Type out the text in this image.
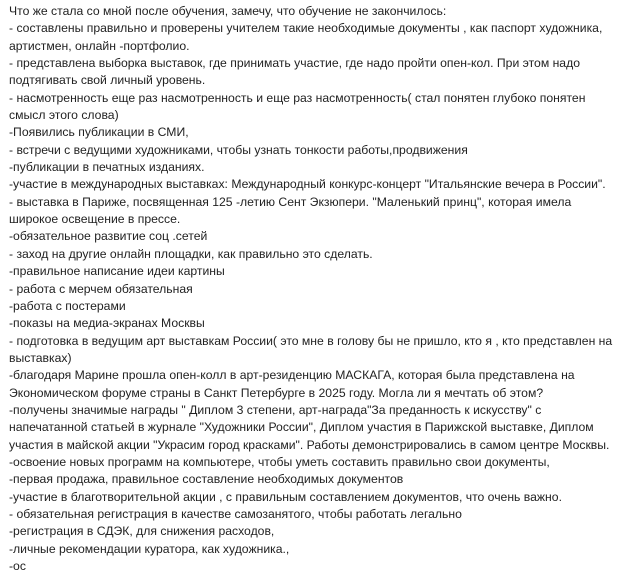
Что же стала со мной после обучения, замечу, что обучение не закончилось:
- составлены правильно и проверены учителем такие необходимые документы , как паспорт художника, артистмен, онлайн -портфолио.
- представлена выборка выставок, где принимать участие, где надо пройти опен-кол. При этом надо подтягивать свой личный уровень.
- насмотренность еще раз насмотренность и еще раз насмотренность( стал понятен глубоко понятен смысл этого слова)
-Появились публикации в СМИ,
- встречи с ведущими художниками, чтобы узнать тонкости работы,продвижения
-публикации в печатных изданиях.
-участие в международных выставках: Международный конкурс-концерт "Итальянские вечера в России".
- выставка в Париже, посвященная 125 -летию Сент Экзюпери. "Маленький принц", которая имела широкое освещение в прессе.
-обязательное развитие соц .сетей
- заход на другие онлайн площадки, как правильно это сделать.
-правильное написание идеи картины
- работа с мерчем обязательная
-работа с постерами
-показы на медиа-экранах Москвы
- подготовка в ведущим арт выставкам России( это мне в голову бы не пришло, кто я , кто представлен на выставках)
-благодаря Марине прошла опен-колл в арт-резиденцию МАСКАГА, которая была представлена на Экономическом форуме страны в Санкт Петербурге в 2025 году. Могла ли я мечтать об этом?
-получены значимые награды " Диплом 3 степени, арт-награда"За преданность к искусству" с напечатанной статьей в журнале "Художники России", Диплом участия в Парижской выставке, Диплом участия в майской акции "Украсим город красками". Работы демонстрировались в самом центре Москвы.
-освоение новых программ на компьютере, чтобы уметь составить правильно свои документы,
-первая продажа, правильное составление необходимых документов
-участие в благотворительной акции , с правильным составлением документов, что очень важно.
- обязательная регистрация в качестве самозанятого, чтобы работать легально
-регистрация в СДЭК, для снижения расходов,
-личные рекомендации куратора, как художника.,
-ос
